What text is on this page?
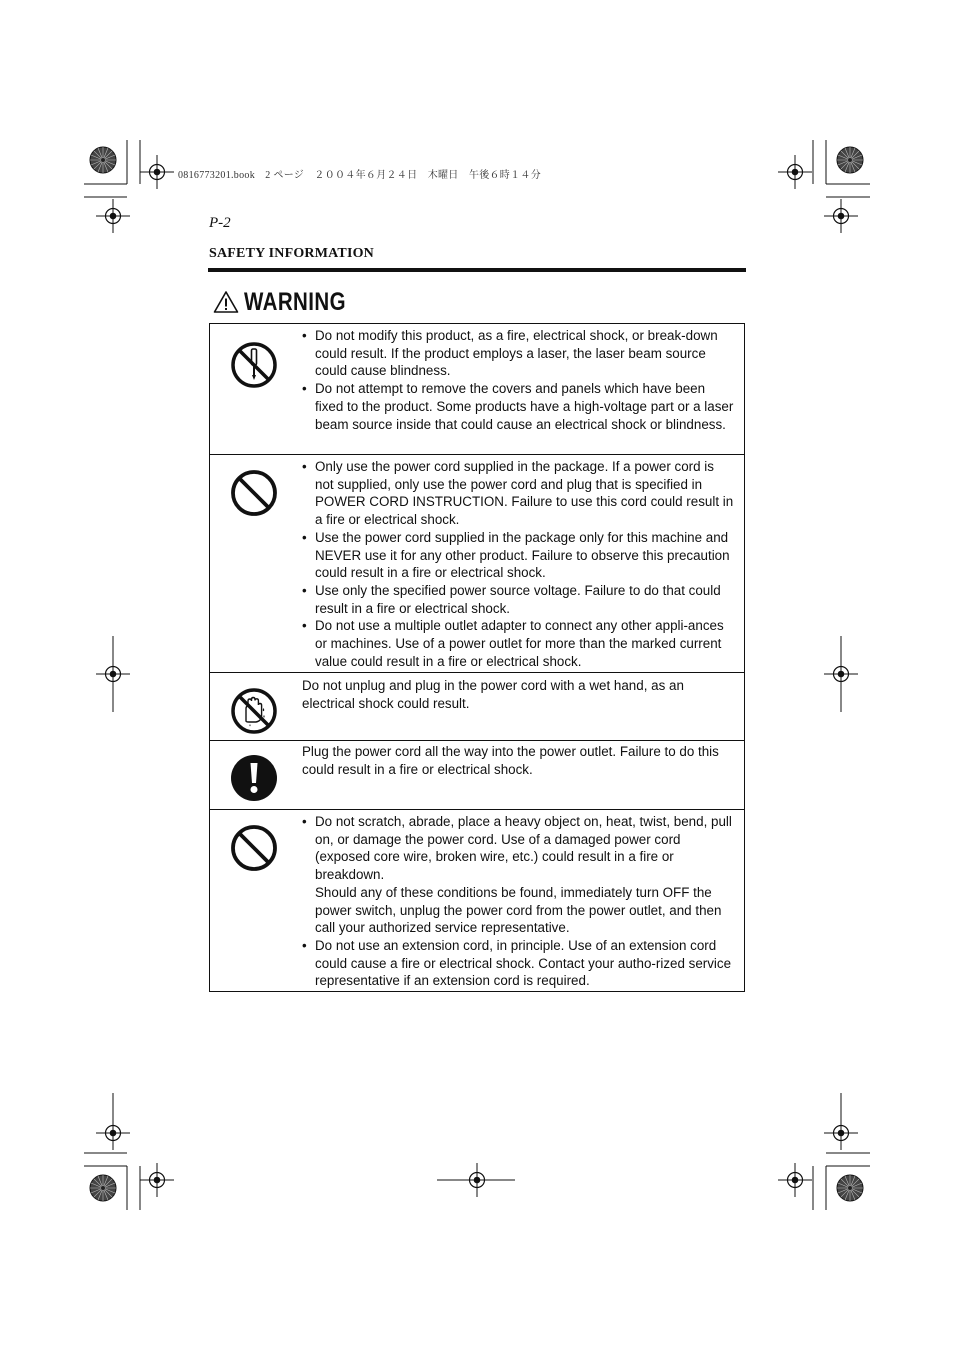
0816773201.book　2 ページ　２００４年６月２４日　木曜日　午後６時１４分
P-2
SAFETY INFORMATION
WARNING
• Do not modify this product, as a fire, electrical shock, or break-down could result. If the product employs a laser, the laser beam source could cause blindness.
• Do not attempt to remove the covers and panels which have been fixed to the product. Some products have a high-voltage part or a laser beam source inside that could cause an electrical shock or blindness.
• Only use the power cord supplied in the package. If a power cord is not supplied, only use the power cord and plug that is specified in POWER CORD INSTRUCTION. Failure to use this cord could result in a fire or electrical shock.
• Use the power cord supplied in the package only for this machine and NEVER use it for any other product. Failure to observe this precaution could result in a fire or electrical shock.
• Use only the specified power source voltage. Failure to do that could result in a fire or electrical shock.
• Do not use a multiple outlet adapter to connect any other appli-ances or machines. Use of a power outlet for more than the marked current value could result in a fire or electrical shock.

Do not unplug and plug in the power cord with a wet hand, as an electrical shock could result.

Plug the power cord all the way into the power outlet. Failure to do this could result in a fire or electrical shock.

• Do not scratch, abrade, place a heavy object on, heat, twist, bend, pull on, or damage the power cord. Use of a damaged power cord (exposed core wire, broken wire, etc.) could result in a fire or breakdown.
Should any of these conditions be found, immediately turn OFF the power switch, unplug the power cord from the power outlet, and then call your authorized service representative.
• Do not use an extension cord, in principle. Use of an extension cord could cause a fire or electrical shock. Contact your autho-rized service representative if an extension cord is required.
